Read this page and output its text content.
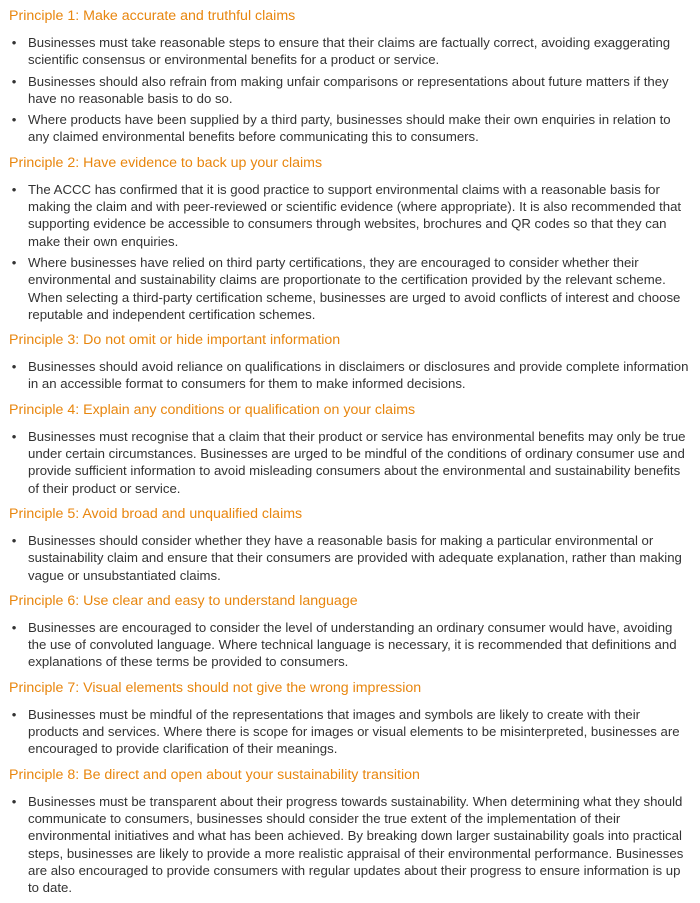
Principle 1: Make accurate and truthful claims
• Businesses must take reasonable steps to ensure that their claims are factually correct, avoiding exaggerating scientific consensus or environmental benefits for a product or service.
• Businesses should also refrain from making unfair comparisons or representations about future matters if they have no reasonable basis to do so.
• Where products have been supplied by a third party, businesses should make their own enquiries in relation to any claimed environmental benefits before communicating this to consumers.
Principle 2: Have evidence to back up your claims
• The ACCC has confirmed that it is good practice to support environmental claims with a reasonable basis for making the claim and with peer-reviewed or scientific evidence (where appropriate). It is also recommended that supporting evidence be accessible to consumers through websites, brochures and QR codes so that they can make their own enquiries.
• Where businesses have relied on third party certifications, they are encouraged to consider whether their environmental and sustainability claims are proportionate to the certification provided by the relevant scheme. When selecting a third-party certification scheme, businesses are urged to avoid conflicts of interest and choose reputable and independent certification schemes.
Principle 3: Do not omit or hide important information
• Businesses should avoid reliance on qualifications in disclaimers or disclosures and provide complete information in an accessible format to consumers for them to make informed decisions.
Principle 4: Explain any conditions or qualification on your claims
• Businesses must recognise that a claim that their product or service has environmental benefits may only be true under certain circumstances. Businesses are urged to be mindful of the conditions of ordinary consumer use and provide sufficient information to avoid misleading consumers about the environmental and sustainability benefits of their product or service.
Principle 5: Avoid broad and unqualified claims
• Businesses should consider whether they have a reasonable basis for making a particular environmental or sustainability claim and ensure that their consumers are provided with adequate explanation, rather than making vague or unsubstantiated claims.
Principle 6: Use clear and easy to understand language
• Businesses are encouraged to consider the level of understanding an ordinary consumer would have, avoiding the use of convoluted language. Where technical language is necessary, it is recommended that definitions and explanations of these terms be provided to consumers.
Principle 7: Visual elements should not give the wrong impression
• Businesses must be mindful of the representations that images and symbols are likely to create with their products and services. Where there is scope for images or visual elements to be misinterpreted, businesses are encouraged to provide clarification of their meanings.
Principle 8: Be direct and open about your sustainability transition
• Businesses must be transparent about their progress towards sustainability. When determining what they should communicate to consumers, businesses should consider the true extent of the implementation of their environmental initiatives and what has been achieved. By breaking down larger sustainability goals into practical steps, businesses are likely to provide a more realistic appraisal of their environmental performance. Businesses are also encouraged to provide consumers with regular updates about their progress to ensure information is up to date.
